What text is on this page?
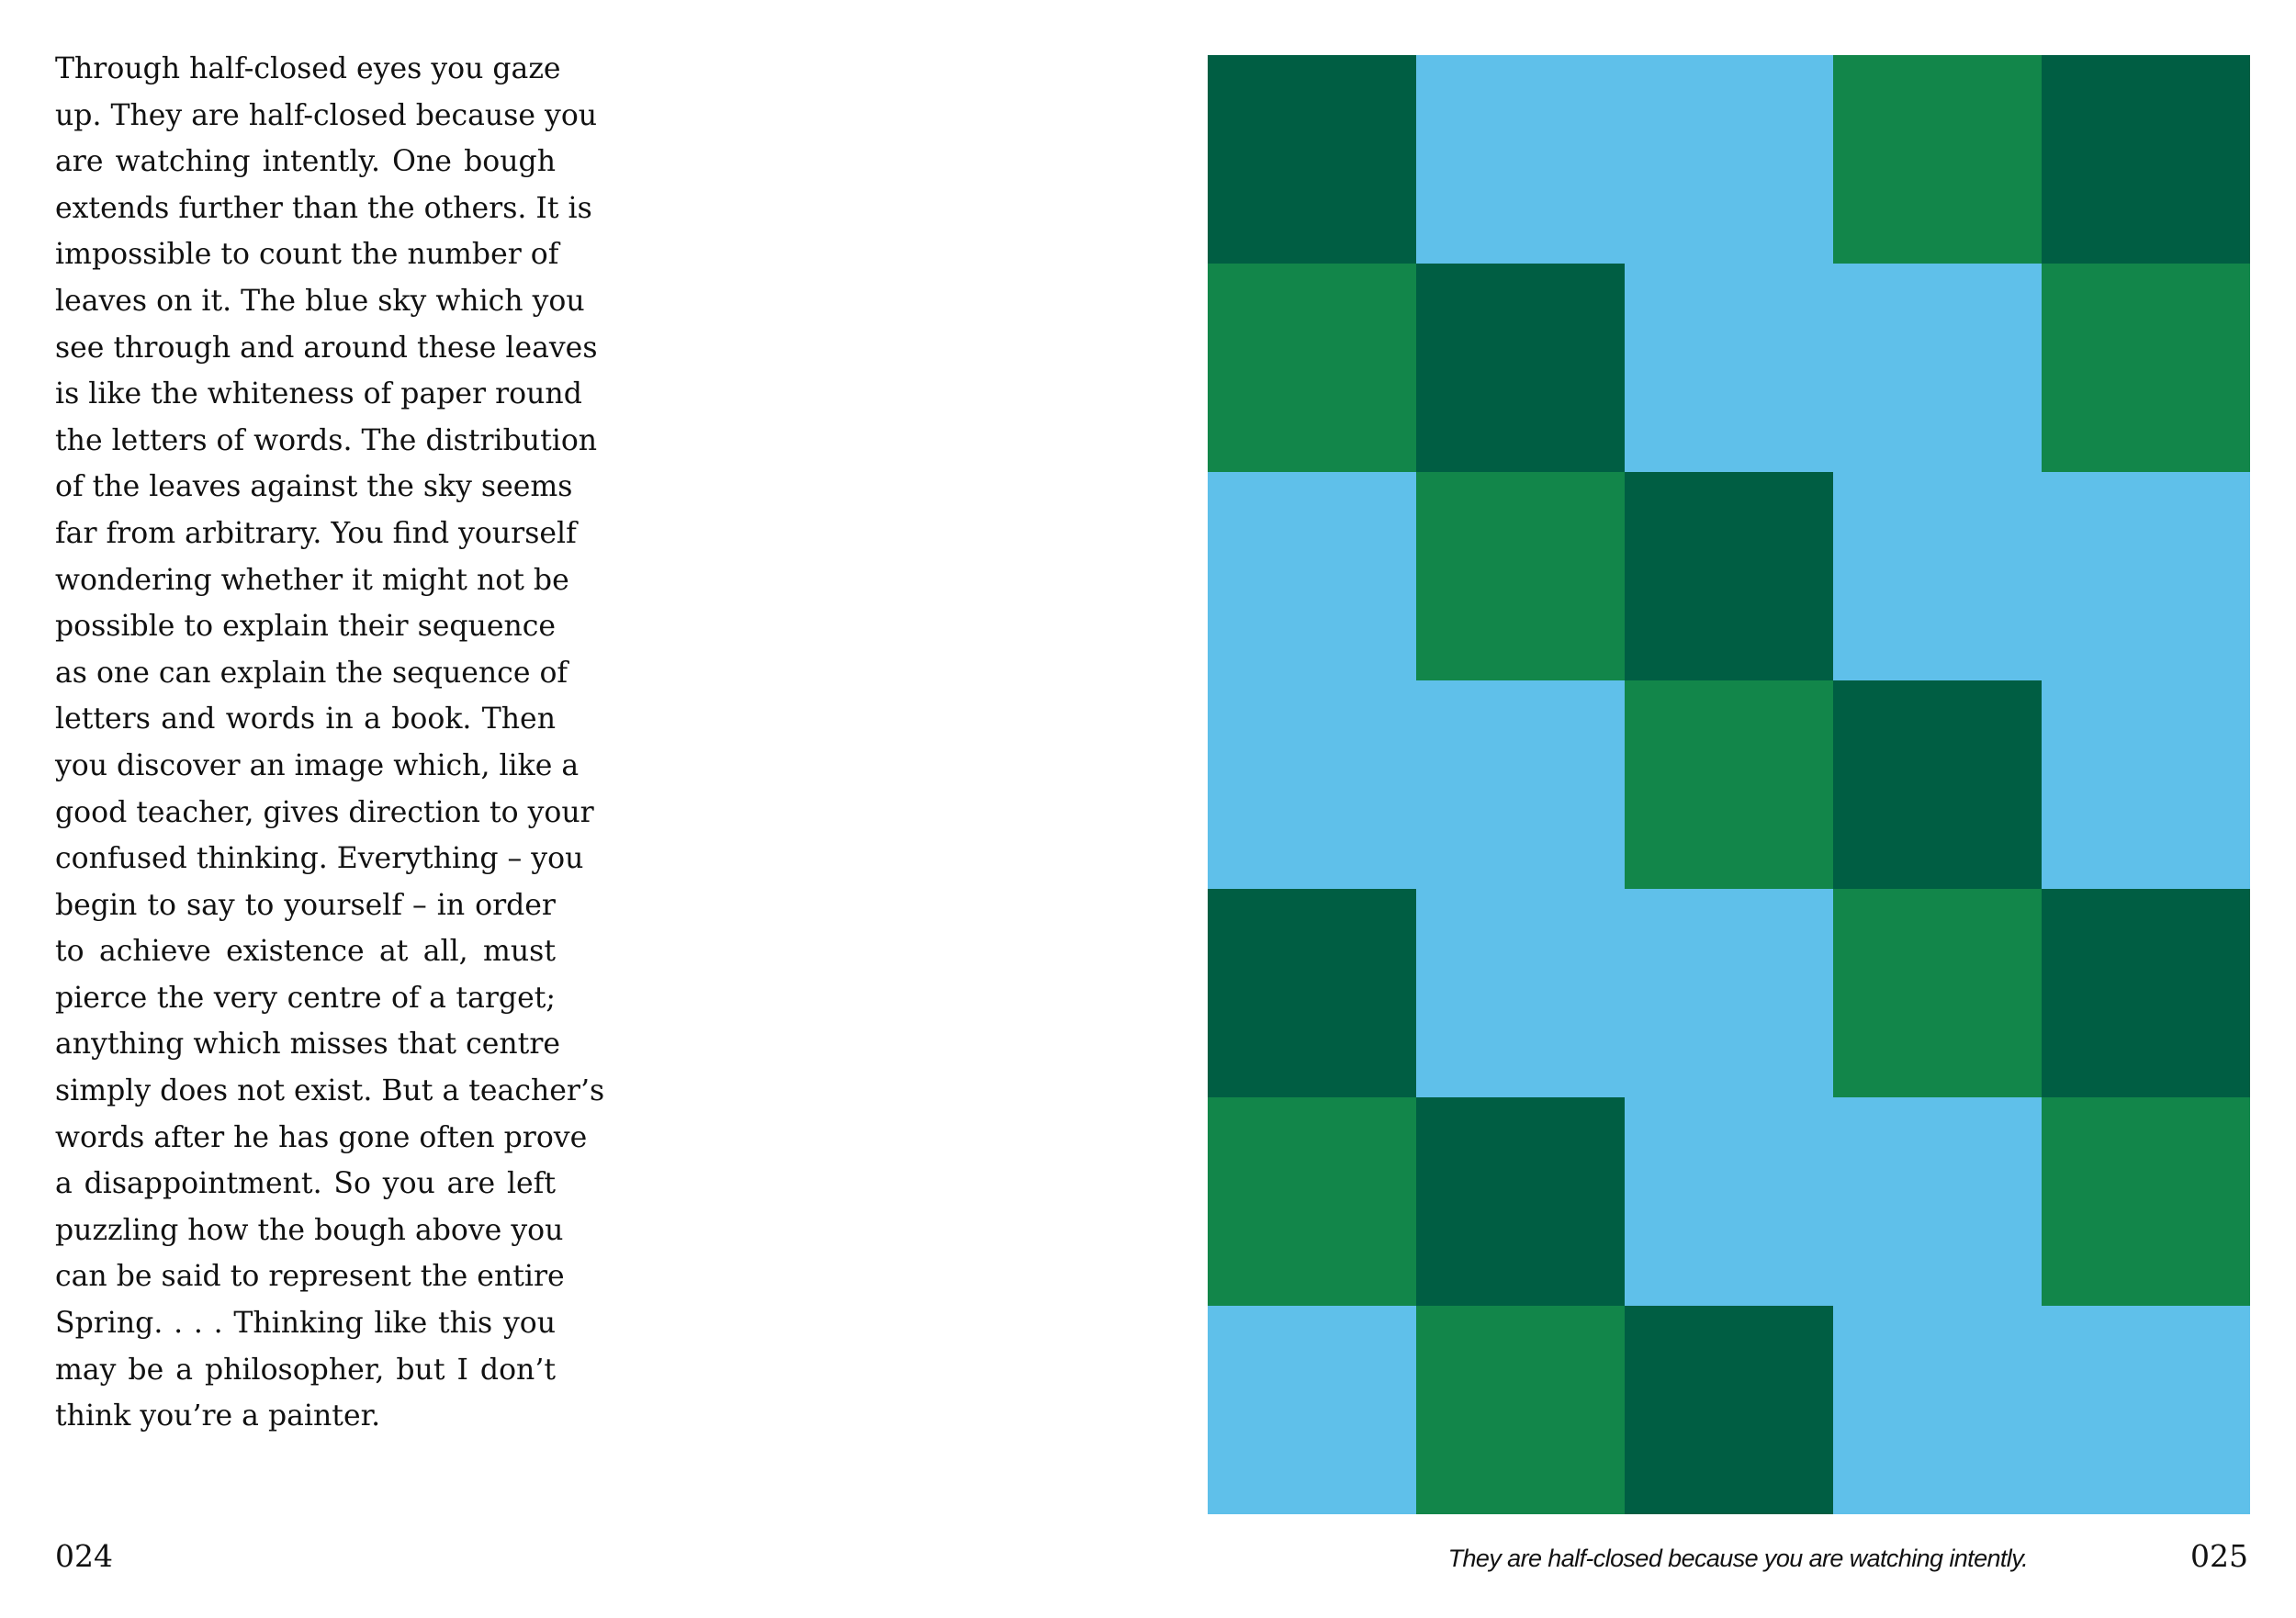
Through half-closed eyes you gaze
up. They are half-closed because you
are watching intently. One bough
extends further than the others. It is
impossible to count the number of
leaves on it. The blue sky which you
see through and around these leaves
is like the whiteness of paper round
the letters of words. The distribution
of the leaves against the sky seems
far from arbitrary. You find yourself
wondering whether it might not be
possible to explain their sequence
as one can explain the sequence of
letters and words in a book. Then
you discover an image which, like a
good teacher, gives direction to your
confused thinking. Everything – you
begin to say to yourself – in order
to achieve existence at all, must
pierce the very centre of a target;
anything which misses that centre
simply does not exist. But a teacher’s
words after he has gone often prove
a disappointment. So you are left
puzzling how the bough above you
can be said to represent the entire
Spring. . . . Thinking like this you
may be a philosopher, but I don’t
think you’re a painter.
024	They are half-closed because you are watching intently.	025
